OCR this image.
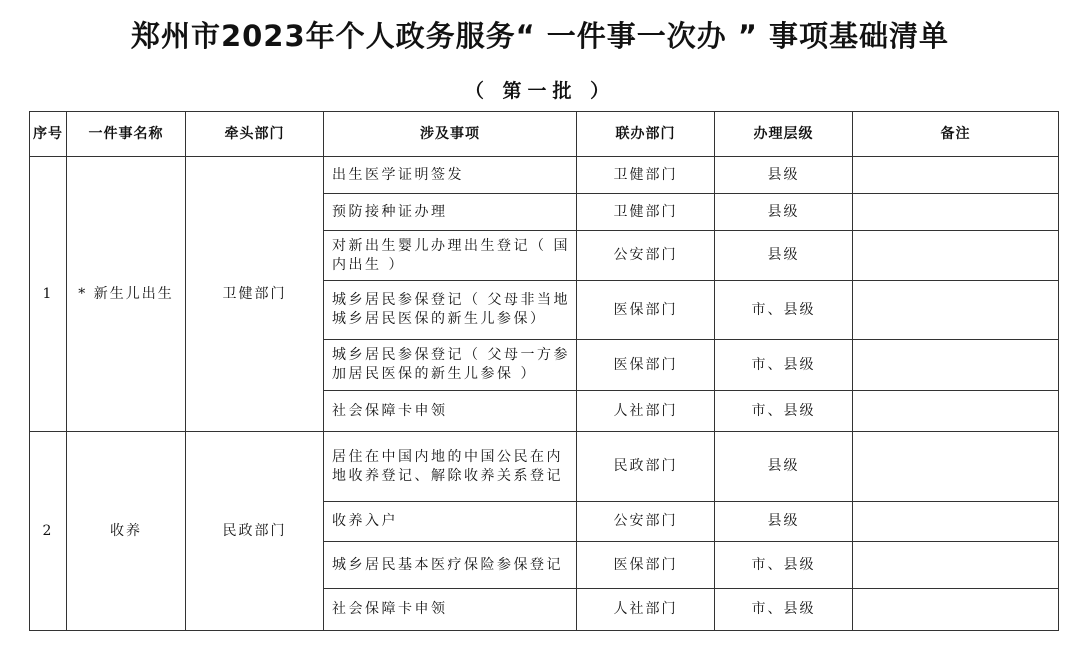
郑州市2023年个人政务服务“ 一件事一次办 ” 事项基础清单
（ 第一批 ）
序号	一件事名称	牵头部门	涉及事项	联办部门	办理层级	备注
1	* 新生儿出生	卫健部门	出生医学证明签发	卫健部门	县级	
			预防接种证办理	卫健部门	县级	
			对新出生婴儿办理出生登记（ 国内出生 ）	公安部门	县级	
			城乡居民参保登记（ 父母非当地城乡居民医保的新生儿参保）	医保部门	市、县级	
			城乡居民参保登记（ 父母一方参加居民医保的新生儿参保 ）	医保部门	市、县级	
			社会保障卡申领	人社部门	市、县级	
2	收养	民政部门	居住在中国内地的中国公民在内地收养登记、解除收养关系登记	民政部门	县级	
			收养入户	公安部门	县级	
			城乡居民基本医疗保险参保登记	医保部门	市、县级	
			社会保障卡申领	人社部门	市、县级	
